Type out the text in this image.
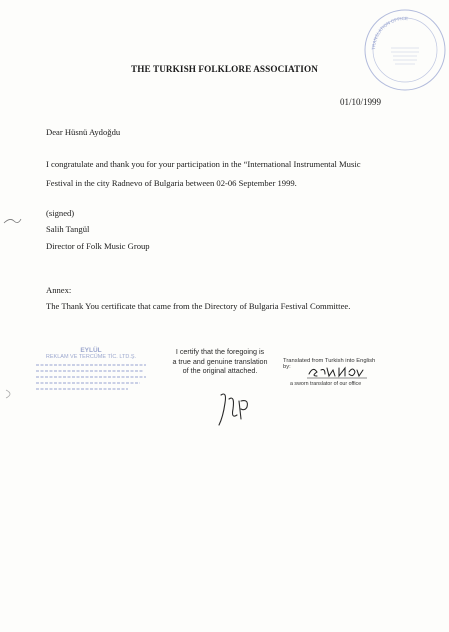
TRANSLATION OFFICE
THE TURKISH FOLKLORE ASSOCIATION
01/10/1999
Dear Hüsnü Aydoğdu
I congratulate and thank you for your participation in the “International Instrumental Music
Festival in the city Radnevo of Bulgaria between 02-06 September 1999.
(signed)
Salih Tangül
Director of Folk Music Group
Annex:
The Thank You certificate that came from the Directory of Bulgaria Festival Committee.
EYLÜL
REKLAM VE TERCÜME TİC. LTD.Ş.
I certify that the foregoing is
a true and genuine translation
of the original attached.
Translated from Turkish into English
by:
a sworn translator of our office
